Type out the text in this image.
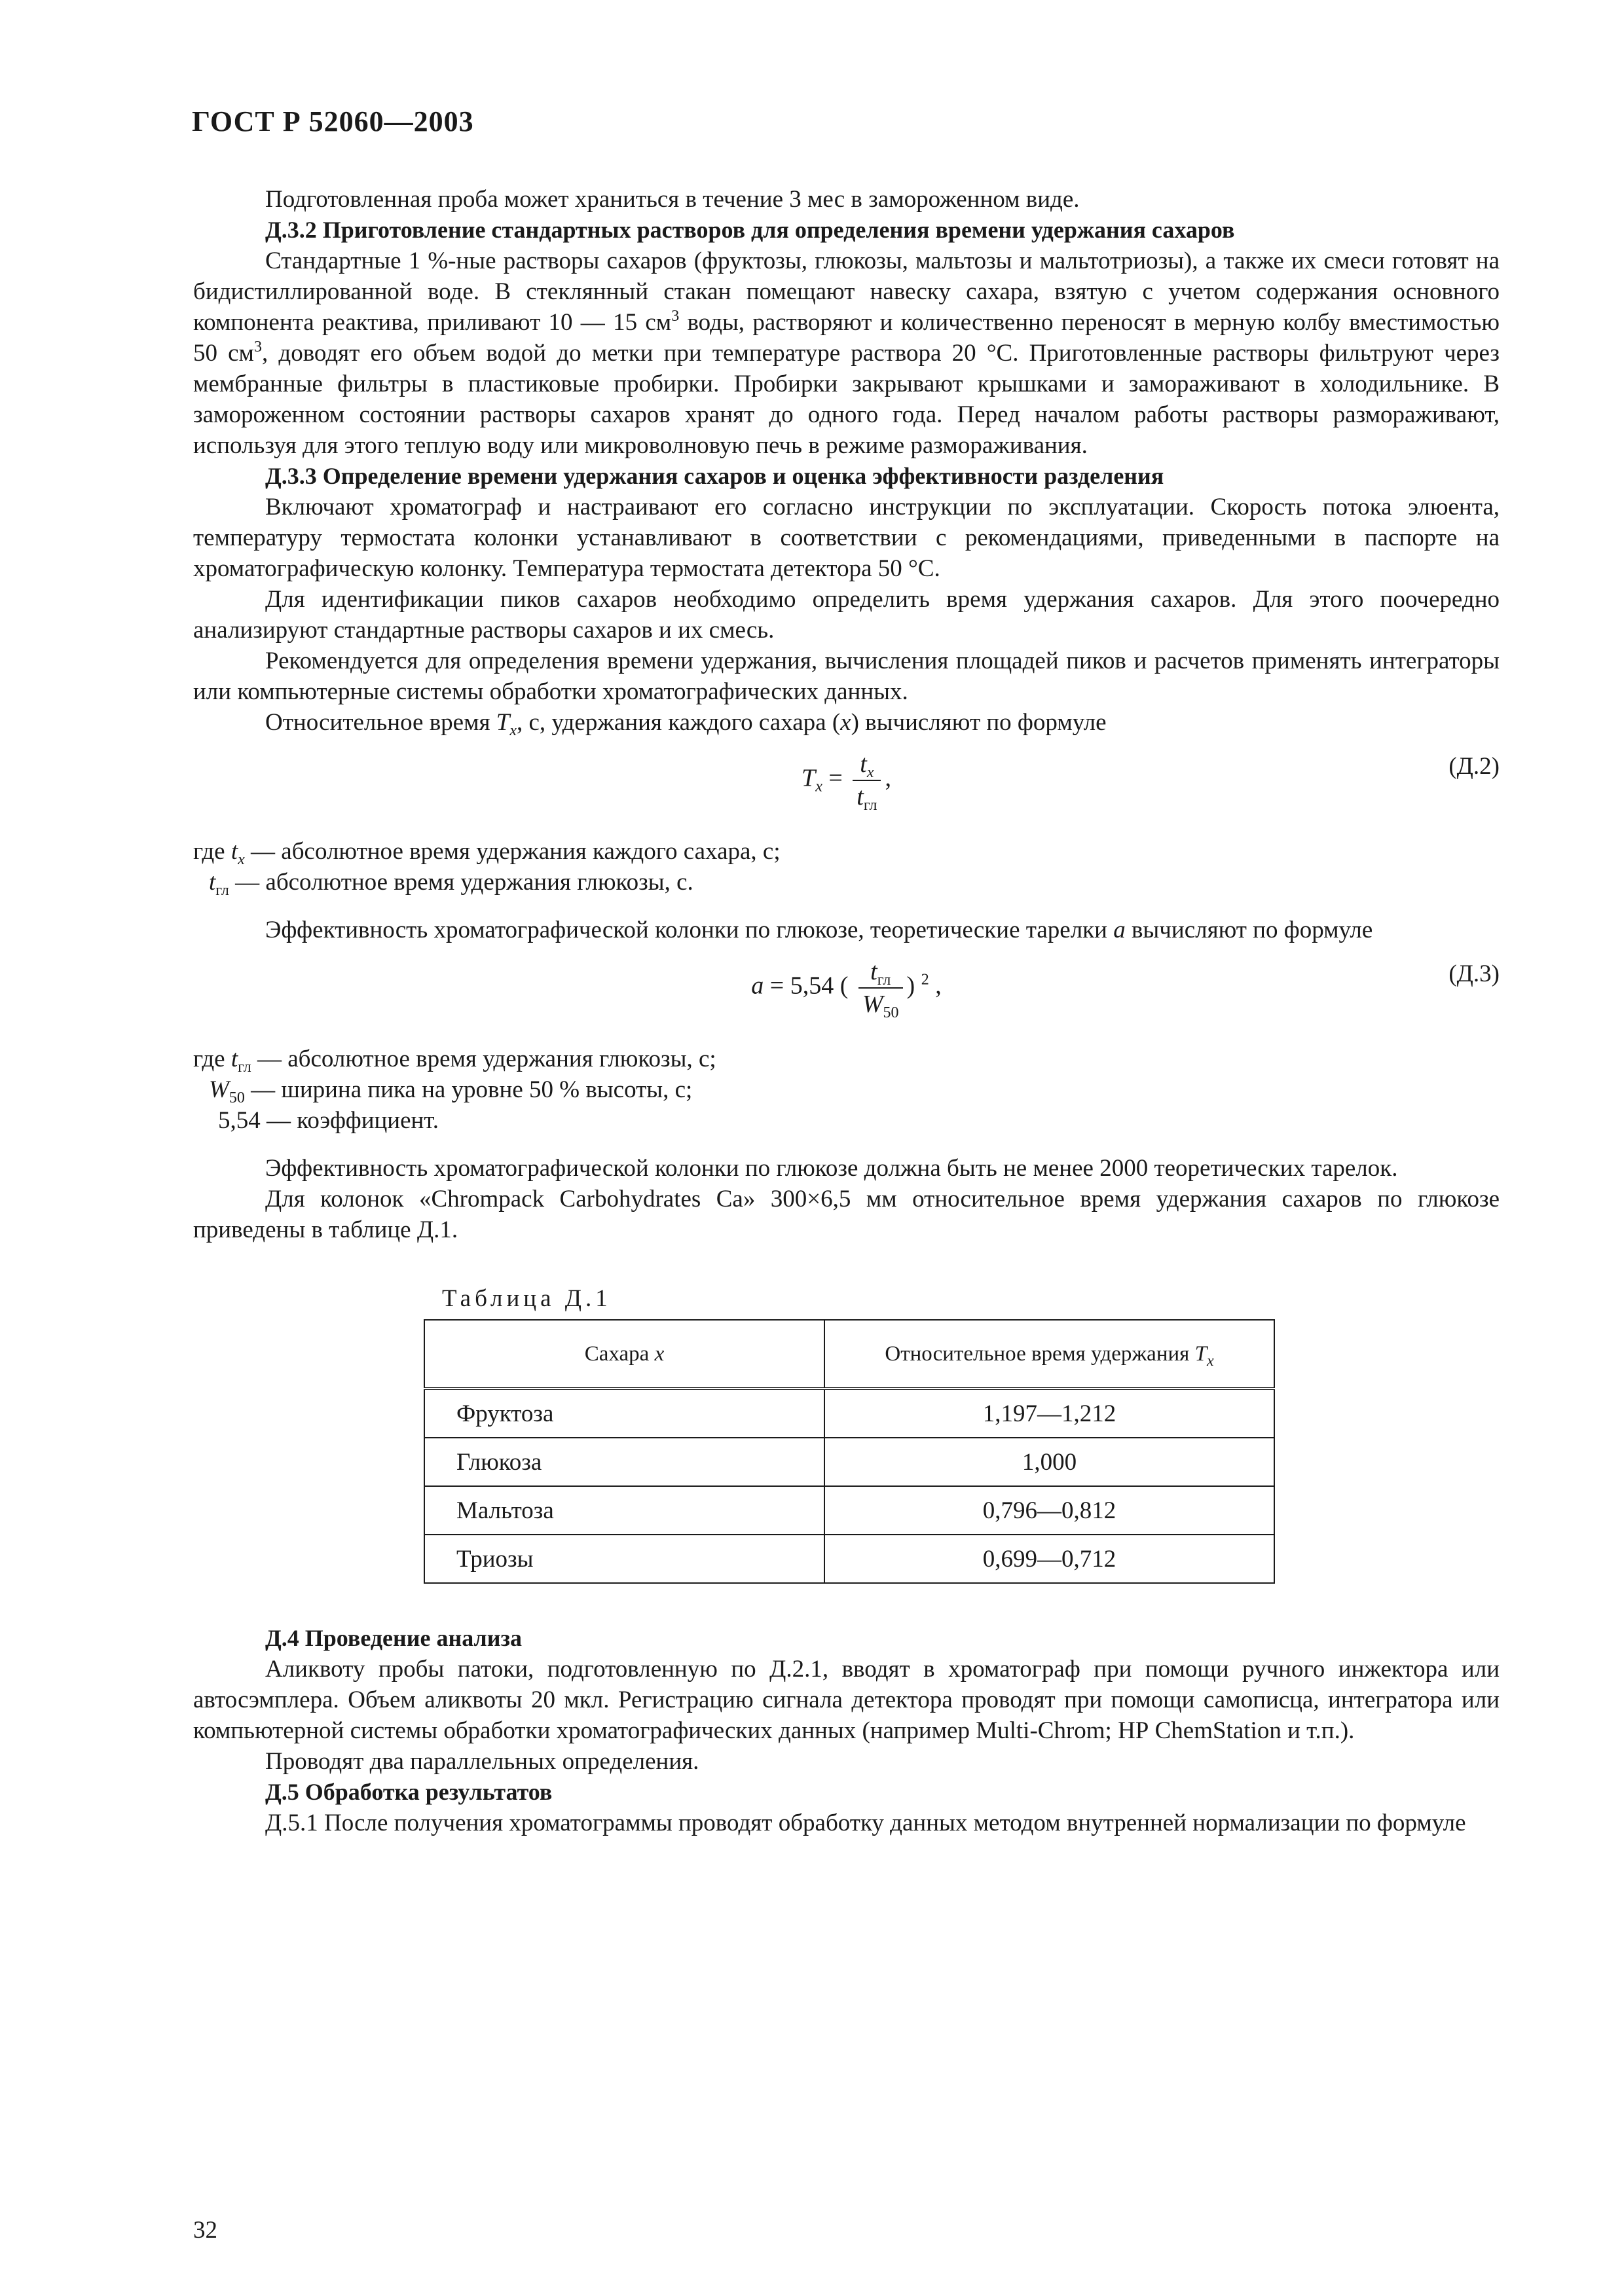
ГОСТ Р 52060—2003

Подготовленная проба может храниться в течение 3 мес в замороженном виде.

Д.3.2 Приготовление стандартных растворов для определения времени удержания сахаров

Стандартные 1 %-ные растворы сахаров (фруктозы, глюкозы, мальтозы и мальтотриозы), а также их смеси готовят на бидистиллированной воде. В стеклянный стакан помещают навеску сахара, взятую с учетом содержания основного компонента реактива, приливают 10 — 15 $см^3$ воды, растворяют и количественно переносят в мерную колбу вместимостью 50 $см^3$, доводят его объем водой до метки при температуре раствора 20 °С. Приготовленные растворы фильтруют через мембранные фильтры в пластиковые пробирки. Пробирки закрывают крышками и замораживают в холодильнике. В замороженном состоянии растворы сахаров хранят до одного года. Перед началом работы растворы размораживают, используя для этого теплую воду или микроволновую печь в режиме размораживания.

Д.3.3 Определение времени удержания сахаров и оценка эффективности разделения

Включают хроматограф и настраивают его согласно инструкции по эксплуатации. Скорость потока элюента, температуру термостата колонки устанавливают в соответствии с рекомендациями, приведенными в паспорте на хроматографическую колонку. Температура термостата детектора 50 °С.

Для идентификации пиков сахаров необходимо определить время удержания сахаров. Для этого поочередно анализируют стандартные растворы сахаров и их смесь.

Рекомендуется для определения времени удержания, вычисления площадей пиков и расчетов применять интеграторы или компьютерные системы обработки хроматографических данных.

Относительное время $T_x$, с, удержания каждого сахара (x) вычисляют по формуле

$T_x = \frac{t_x}{t_{гл}}$ ,	(Д.2)
где $t_x$ — абсолютное время удержания каждого сахара, с;
$t_{гл}$ — абсолютное время удержания глюкозы, с.

Эффективность хроматографической колонки по глюкозе, теоретические тарелки a вычисляют по формуле

a = 5,54 ( $\frac{t_{гл}}{W_{50}}$ ) $^2$ ,	(Д.3)
где $t_{гл}$ — абсолютное время удержания глюкозы, с;
$W_{50}$ — ширина пика на уровне 50 % высоты, с;
5,54 — коэффициент.

Эффективность хроматографической колонки по глюкозе должна быть не менее 2000 теоретических тарелок.

Для колонок «Chrompack Carbohydrates Са» 300×6,5 мм относительное время удержания сахаров по глюкозе приведены в таблице Д.1.

Таблица Д.1
Сахара x	Относительное время удержания $T_x$
Фруктоза	1,197—1,212
Глюкоза	1,000
Мальтоза	0,796—0,812
Триозы	0,699—0,712
Д.4 Проведение анализа

Аликвоту пробы патоки, подготовленную по Д.2.1, вводят в хроматограф при помощи ручного инжектора или автосэмплера. Объем аликвоты 20 мкл. Регистрацию сигнала детектора проводят при помощи самописца, интегратора или компьютерной системы обработки хроматографических данных (например Multi-Chrom; НР ChemStation и т.п.).

Проводят два параллельных определения.

Д.5 Обработка результатов

Д.5.1 После получения хроматограммы проводят обработку данных методом внутренней нормализации по формуле

32
